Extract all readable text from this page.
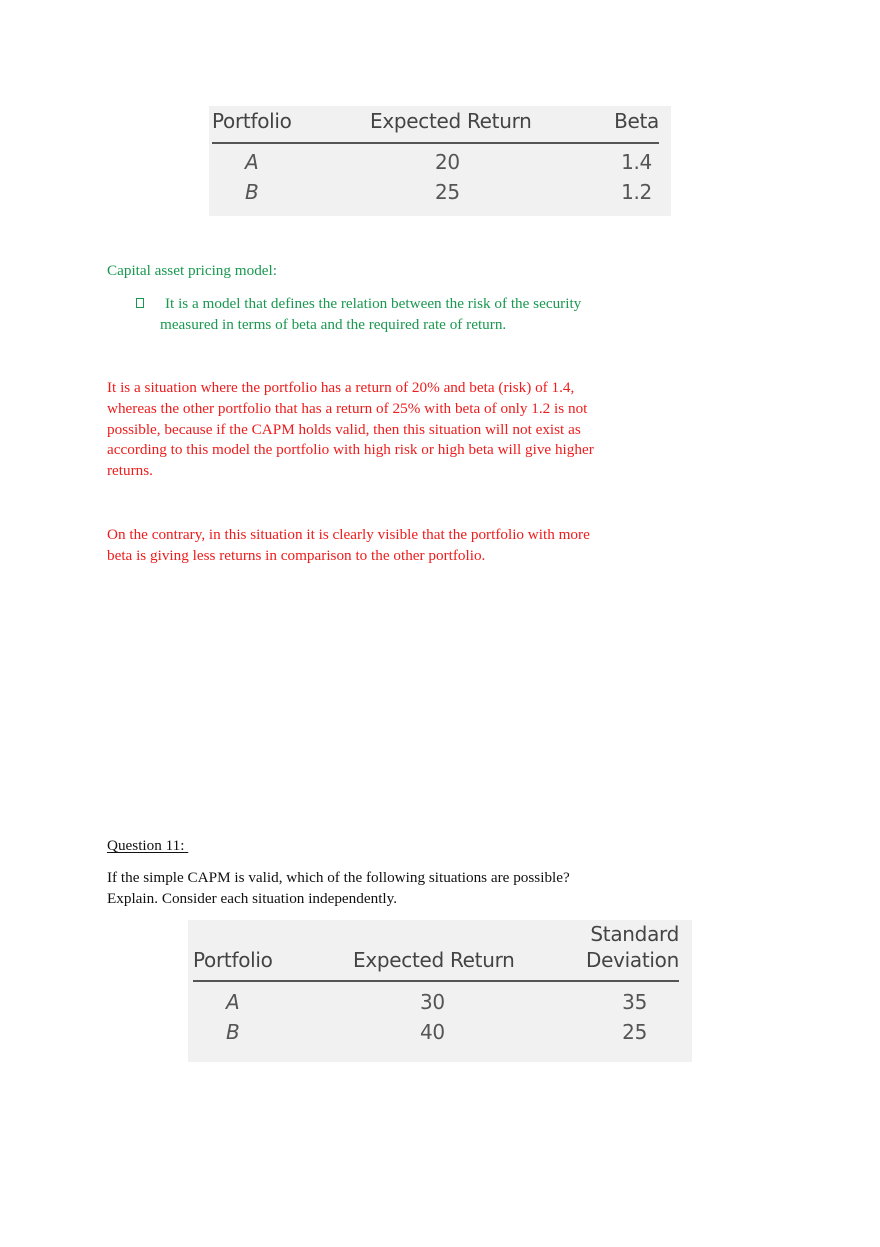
Portfolio	Expected Return	Beta
A	20	1.4
B	25	1.2
Capital asset pricing model:
It is a model that defines the relation between the risk of the security
measured in terms of beta and the required rate of return.
It is a situation where the portfolio has a return of 20% and beta (risk) of 1.4,
whereas the other portfolio that has a return of 25% with beta of only 1.2 is not
possible, because if the CAPM holds valid, then this situation will not exist as
according to this model the portfolio with high risk or high beta will give higher
returns.
On the contrary, in this situation it is clearly visible that the portfolio with more
beta is giving less returns in comparison to the other portfolio.
Question 11:
If the simple CAPM is valid, which of the following situations are possible?
Explain. Consider each situation independently.
Standard
Portfolio	Expected Return	Deviation
A	30	35
B	40	25
